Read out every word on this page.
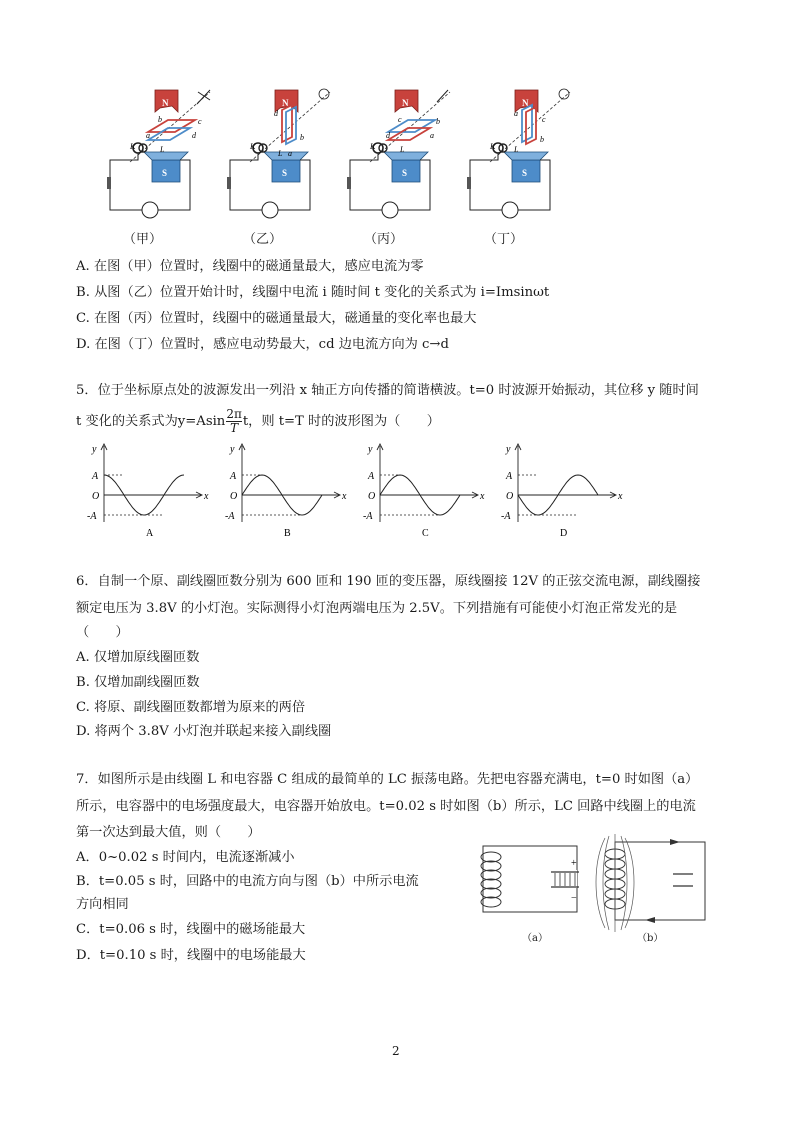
N
S
K	L
a
b	c
d
N
S
K
L a
b
d
N
S
K	L
a
b
c
d
N
S
K L
a
b
c
（甲）	（乙）	（丙）	（丁）
A. 在图（甲）位置时，线圈中的磁通量最大，感应电流为零
B. 从图（乙）位置开始计时，线圈中电流 i 随时间 t 变化的关系式为 i=Imsinωt
C. 在图（丙）位置时，线圈中的磁通量最大，磁通量的变化率也最大
D. 在图（丁）位置时，感应电动势最大，cd 边电流方向为 c→d
5．位于坐标原点处的波源发出一列沿 x 轴正方向传播的简谐横波。t=0 时波源开始振动，其位移 y 随时间
t 变化的关系式为$y=Asin \frac{2\pi}{T}$ t，则 t=T 时的波形图为（　　）
y
x
O
A
-A
A
y
x
O
A
-A
B
y
x
O
A
-A
C
y
x
O
A
-A
D
6．自制一个原、副线圈匝数分别为 600 匝和 190 匝的变压器，原线圈接 12V 的正弦交流电源，副线圈接
额定电压为 3.8V 的小灯泡。实际测得小灯泡两端电压为 2.5V。下列措施有可能使小灯泡正常发光的是
（　　）
A. 仅增加原线圈匝数
B. 仅增加副线圈匝数
C. 将原、副线圈匝数都增为原来的两倍
D. 将两个 3.8V 小灯泡并联起来接入副线圈
7．如图所示是由线圈 L 和电容器 C 组成的最简单的 LC 振荡电路。先把电容器充满电，t=0 时如图（a）
所示，电容器中的电场强度最大，电容器开始放电。t=0.02 s 时如图（b）所示，LC 回路中线圈上的电流
第一次达到最大值，则（　　）
A．0~0.02 s 时间内，电流逐渐减小
B．t=0.05 s 时，回路中的电流方向与图（b）中所示电流
方向相同
C．t=0.06 s 时，线圈中的磁场能最大
D．t=0.10 s 时，线圈中的电场能最大
+
−
（a）	（b）
2
